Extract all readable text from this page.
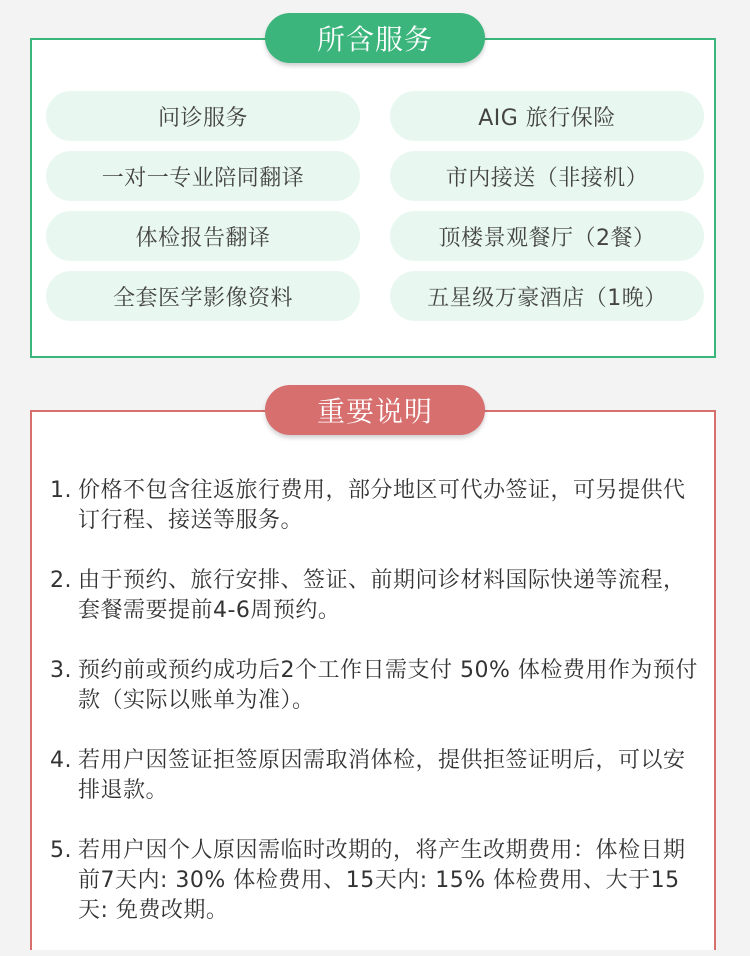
问诊服务	AIG 旅行保险
一对一专业陪同翻译	市内接送（非接机）
体检报告翻译	顶楼景观餐厅（2餐）
全套医学影像资料	五星级万豪酒店（1晚）
所含服务
1. 价格不包含往返旅行费用，部分地区可代办签证，可另提供代订行程、接送等服务。
2. 由于预约、旅行安排、签证、前期问诊材料国际快递等流程，套餐需要提前4-6周预约。
3. 预约前或预约成功后2个工作日需支付 50% 体检费用作为预付款（实际以账单为准）。
4. 若用户因签证拒签原因需取消体检，提供拒签证明后，可以安排退款。
5. 若用户因个人原因需临时改期的，将产生改期费用：体检日期前7天内: 30% 体检费用、15天内: 15% 体检费用、大于15天: 免费改期。
重要说明
